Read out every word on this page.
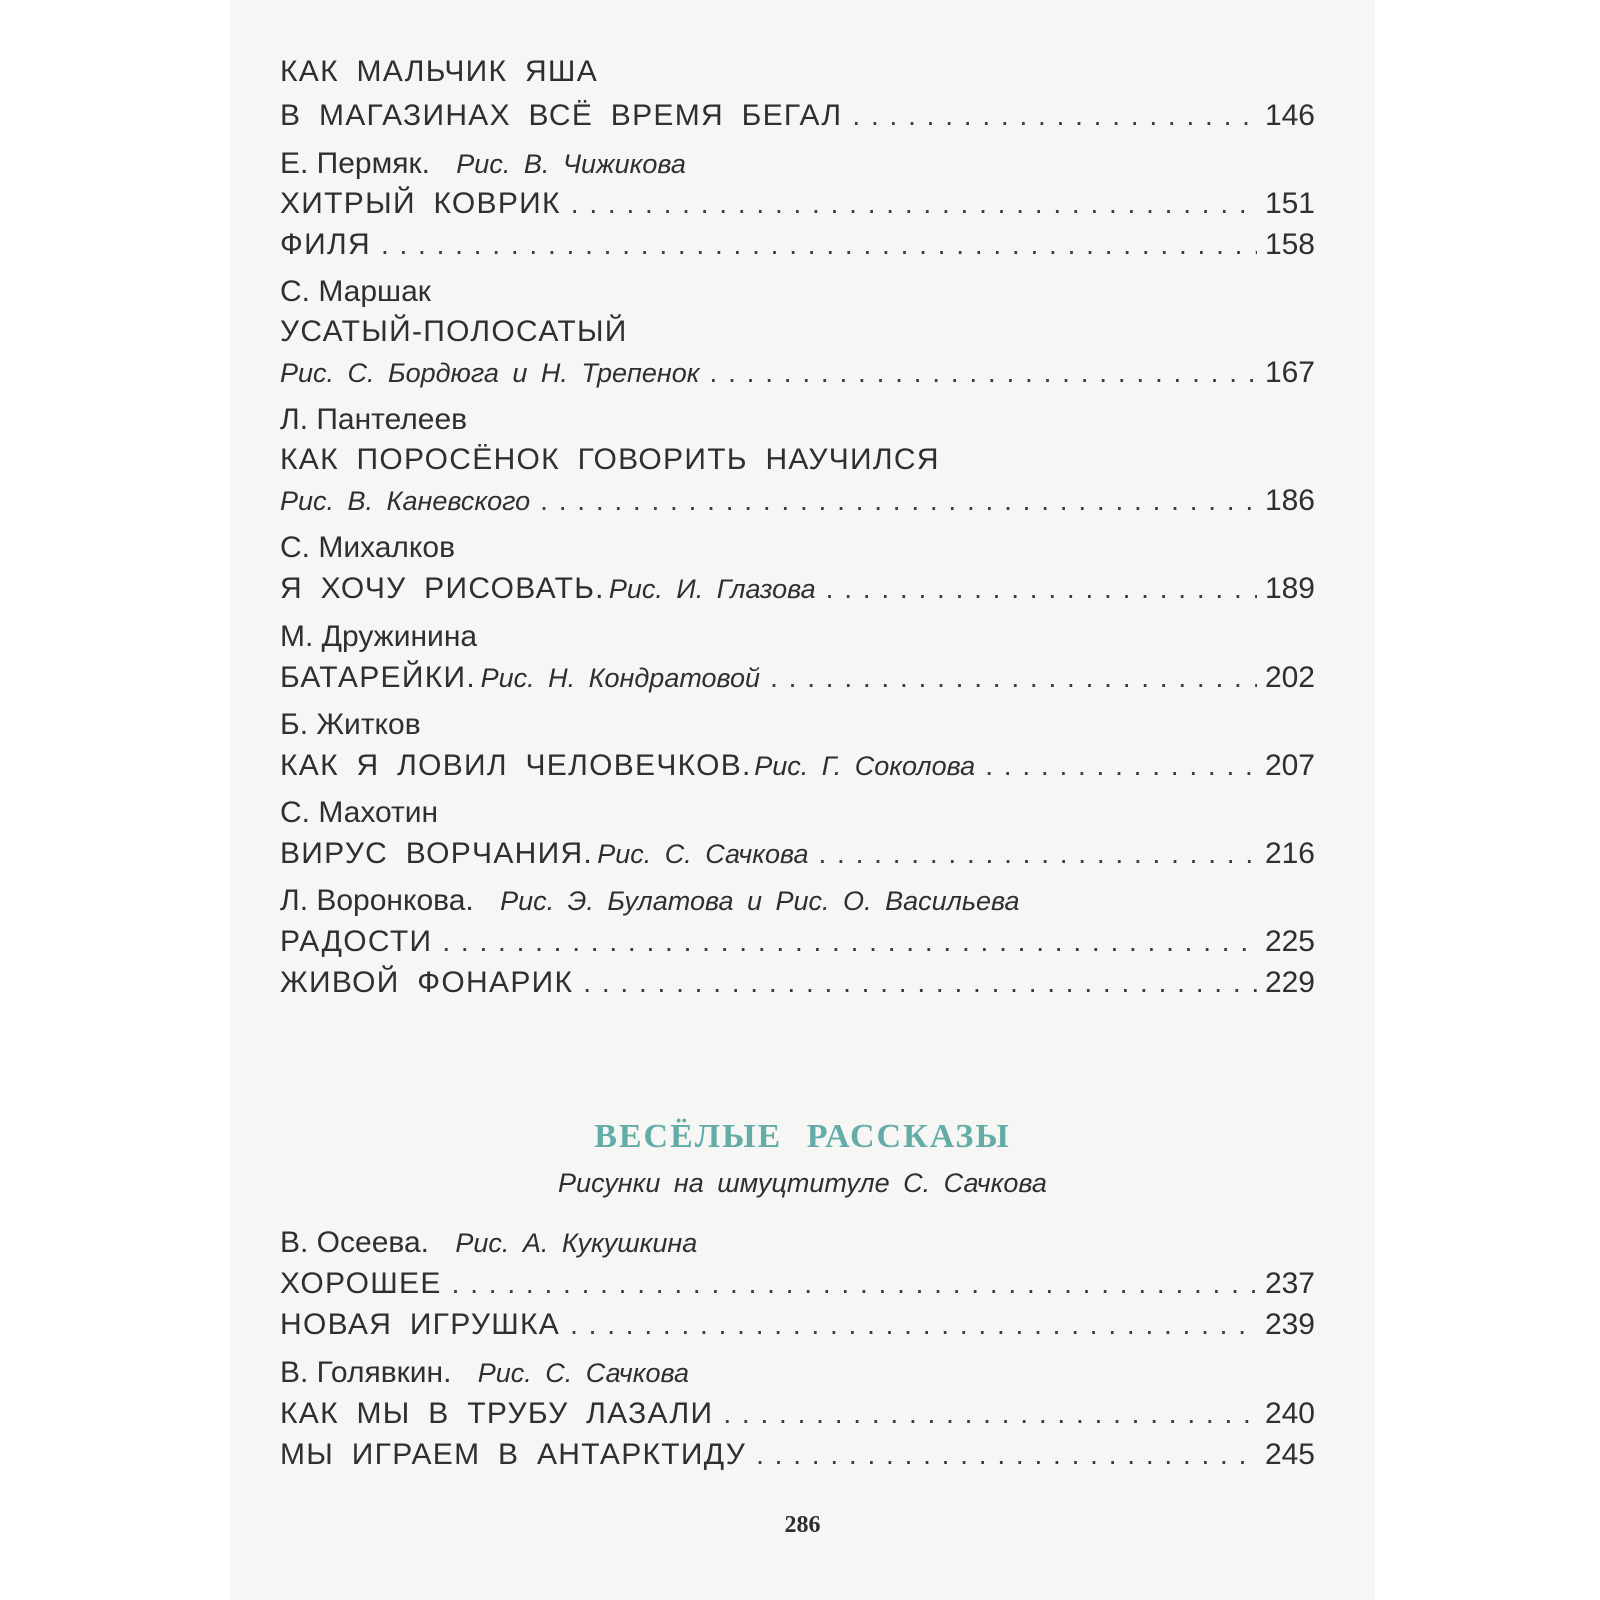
КАК МАЛЬЧИК ЯША
В МАГАЗИНАХ ВСЁ ВРЕМЯ БЕГАЛ . . .	146
Е. Пермяк. Рис. В. Чижикова
ХИТРЫЙ КОВРИК . . .	151
ФИЛЯ . . .	158
С. Маршак
УСАТЫЙ-ПОЛОСАТЫЙ
Рис. С. Бордюга и Н. Трепенок . . .	167
Л. Пантелеев
КАК ПОРОСЁНОК ГОВОРИТЬ НАУЧИЛСЯ
Рис. В. Каневского . . .	186
С. Михалков
Я ХОЧУ РИСОВАТЬ. Рис. И. Глазова . . .	189
М. Дружинина
БАТАРЕЙКИ. Рис. Н. Кондратовой . . .	202
Б. Житков
КАК Я ЛОВИЛ ЧЕЛОВЕЧКОВ. Рис. Г. Соколова . . .	207
С. Махотин
ВИРУС ВОРЧАНИЯ. Рис. С. Сачкова . . .	216
Л. Воронкова. Рис. Э. Булатова и Рис. О. Васильева
РАДОСТИ . . .	225
ЖИВОЙ ФОНАРИК . . .	229
ВЕСЁЛЫЕ РАССКАЗЫ
Рисунки на шмуцтитуле С. Сачкова
В. Осеева. Рис. А. Кукушкина
ХОРОШЕЕ . . .	237
НОВАЯ ИГРУШКА . . .	239
В. Голявкин. Рис. С. Сачкова
КАК МЫ В ТРУБУ ЛАЗАЛИ . . .	240
МЫ ИГРАЕМ В АНТАРКТИДУ . . .	245
286
